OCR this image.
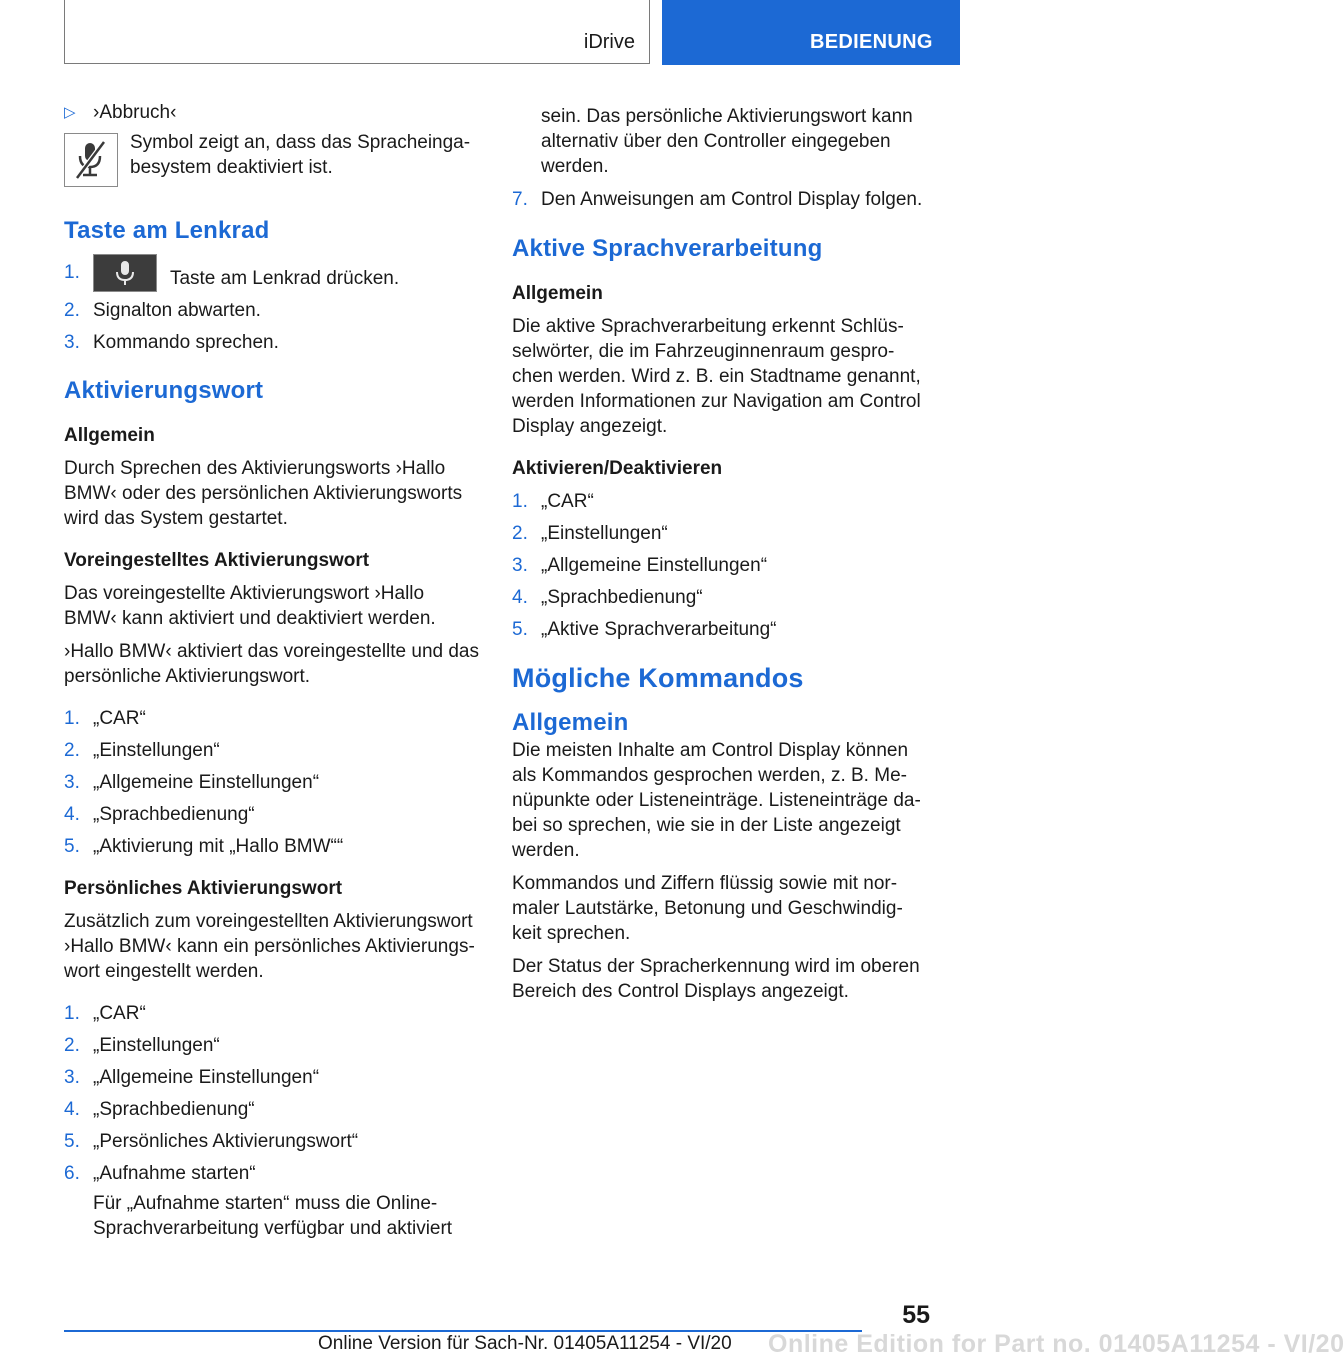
iDrive	BEDIENUNG
▷ ›Abbruch‹

Symbol zeigt an, dass das Spracheinga-besystem deaktiviert ist.

Taste am Lenkrad
1.	Taste am Lenkrad drücken.
2. Signalton abwarten.
3. Kommando sprechen.
Aktivierungswort
Allgemein

Durch Sprechen des Aktivierungsworts ›Hallo BMW‹ oder des persönlichen Aktivierungsworts wird das System gestartet.

Voreingestelltes Aktivierungswort

Das voreingestellte Aktivierungswort ›Hallo BMW‹ kann aktiviert und deaktiviert werden.

›Hallo BMW‹ aktiviert das voreingestellte und das persönliche Aktivierungswort.

1. „CAR“
2. „Einstellungen“
3. „Allgemeine Einstellungen“
4. „Sprachbedienung“
5. „Aktivierung mit „Hallo BMW““
Persönliches Aktivierungswort

Zusätzlich zum voreingestellten Aktivierungswort ›Hallo BMW‹ kann ein persönliches Aktivierungs-wort eingestellt werden.

1. „CAR“
2. „Einstellungen“
3. „Allgemeine Einstellungen“
4. „Sprachbedienung“
5. „Persönliches Aktivierungswort“
6. „Aufnahme starten“

Für „Aufnahme starten“ muss die Online-Sprachverarbeitung verfügbar und aktiviert

sein. Das persönliche Aktivierungswort kann alternativ über den Controller eingegeben werden.

7. Den Anweisungen am Control Display folgen.
Aktive Sprachverarbeitung
Allgemein

Die aktive Sprachverarbeitung erkennt Schlüs-selwörter, die im Fahrzeuginnenraum gespro-chen werden. Wird z. B. ein Stadtname genannt, werden Informationen zur Navigation am Control Display angezeigt.

Aktivieren/Deaktivieren
1. „CAR“
2. „Einstellungen“
3. „Allgemeine Einstellungen“
4. „Sprachbedienung“
5. „Aktive Sprachverarbeitung“
Mögliche Kommandos
Allgemein

Die meisten Inhalte am Control Display können als Kommandos gesprochen werden, z. B. Me-nüpunkte oder Listeneinträge. Listeneinträge da-bei so sprechen, wie sie in der Liste angezeigt werden.

Kommandos und Ziffern flüssig sowie mit nor-maler Lautstärke, Betonung und Geschwindig-keit sprechen.

Der Status der Spracherkennung wird im oberen Bereich des Control Displays angezeigt.

55
Online Edition for Part no. 01405A11254 - VI/20
Online Version für Sach-Nr. 01405A11254 - VI/20
